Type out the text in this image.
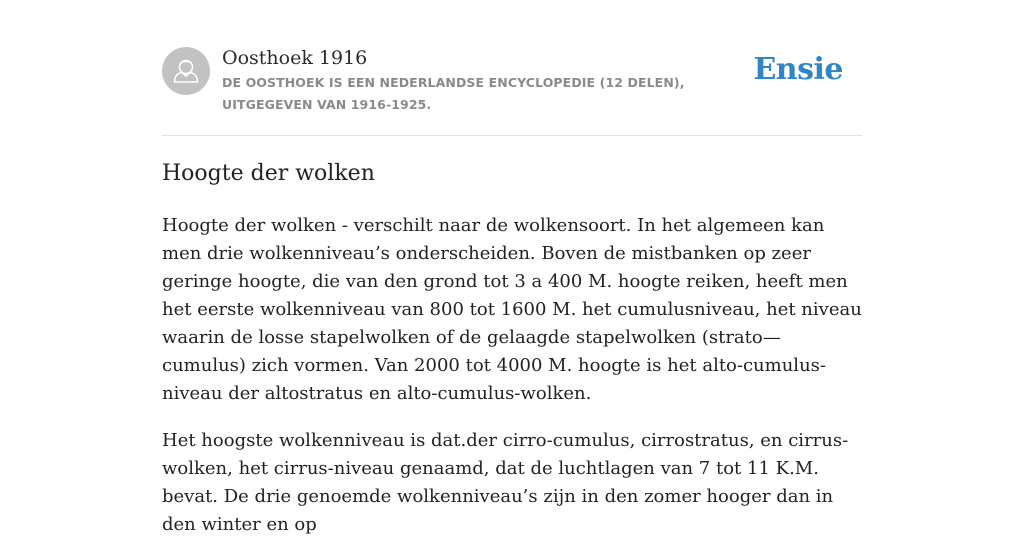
Oosthoek 1916
DE OOSTHOEK IS EEN NEDERLANDSE ENCYCLOPEDIE (12 DELEN), UITGEGEVEN VAN 1916-1925.
Ensie
Hoogte der wolken

Hoogte der wolken - verschilt naar de wolkensoort. In het algemeen kan men drie wolkenniveau’s onderscheiden. Boven de mistbanken op zeer geringe hoogte, die van den grond tot 3 a 400 M. hoogte reiken, heeft men het eerste wolkenniveau van 800 tot 1600 M. het cumulusniveau, het niveau waarin de losse stapelwolken of de gelaagde stapelwolken (strato— cumulus) zich vormen. Van 2000 tot 4000 M. hoogte is het alto-cumulus-niveau der altostratus en alto-cumulus-wolken.

Het hoogste wolkenniveau is dat.der cirro-cumulus, cirrostratus, en cirrus-wolken, het cirrus-niveau genaamd, dat de luchtlagen van 7 tot 11 K.M. bevat. De drie genoemde wolkenniveau’s zijn in den zomer hooger dan in den winter en op
